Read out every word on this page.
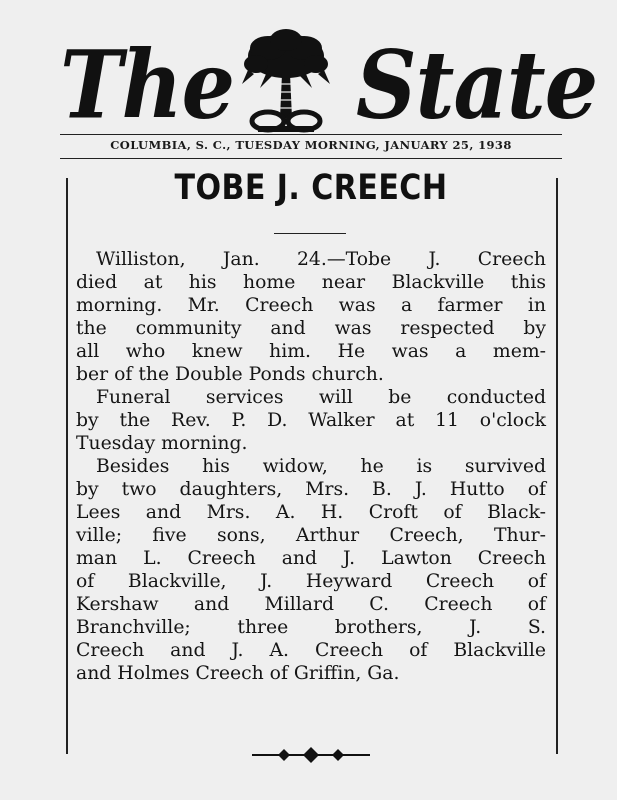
The State
COLUMBIA, S. C., TUESDAY MORNING, JANUARY 25, 1938
TOBE J. CREECH
Williston, Jan. 24.—Tobe J. Creech
died at his home near Blackville this
morning. Mr. Creech was a farmer in
the community and was respected by
all who knew him. He was a mem-
ber of the Double Ponds church.
Funeral services will be conducted
by the Rev. P. D. Walker at 11 o'clock
Tuesday morning.
Besides his widow, he is survived
by two daughters, Mrs. B. J. Hutto of
Lees and Mrs. A. H. Croft of Black-
ville; five sons, Arthur Creech, Thur-
man L. Creech and J. Lawton Creech
of Blackville, J. Heyward Creech of
Kershaw and Millard C. Creech of
Branchville; three brothers, J. S.
Creech and J. A. Creech of Blackville
and Holmes Creech of Griffin, Ga.
